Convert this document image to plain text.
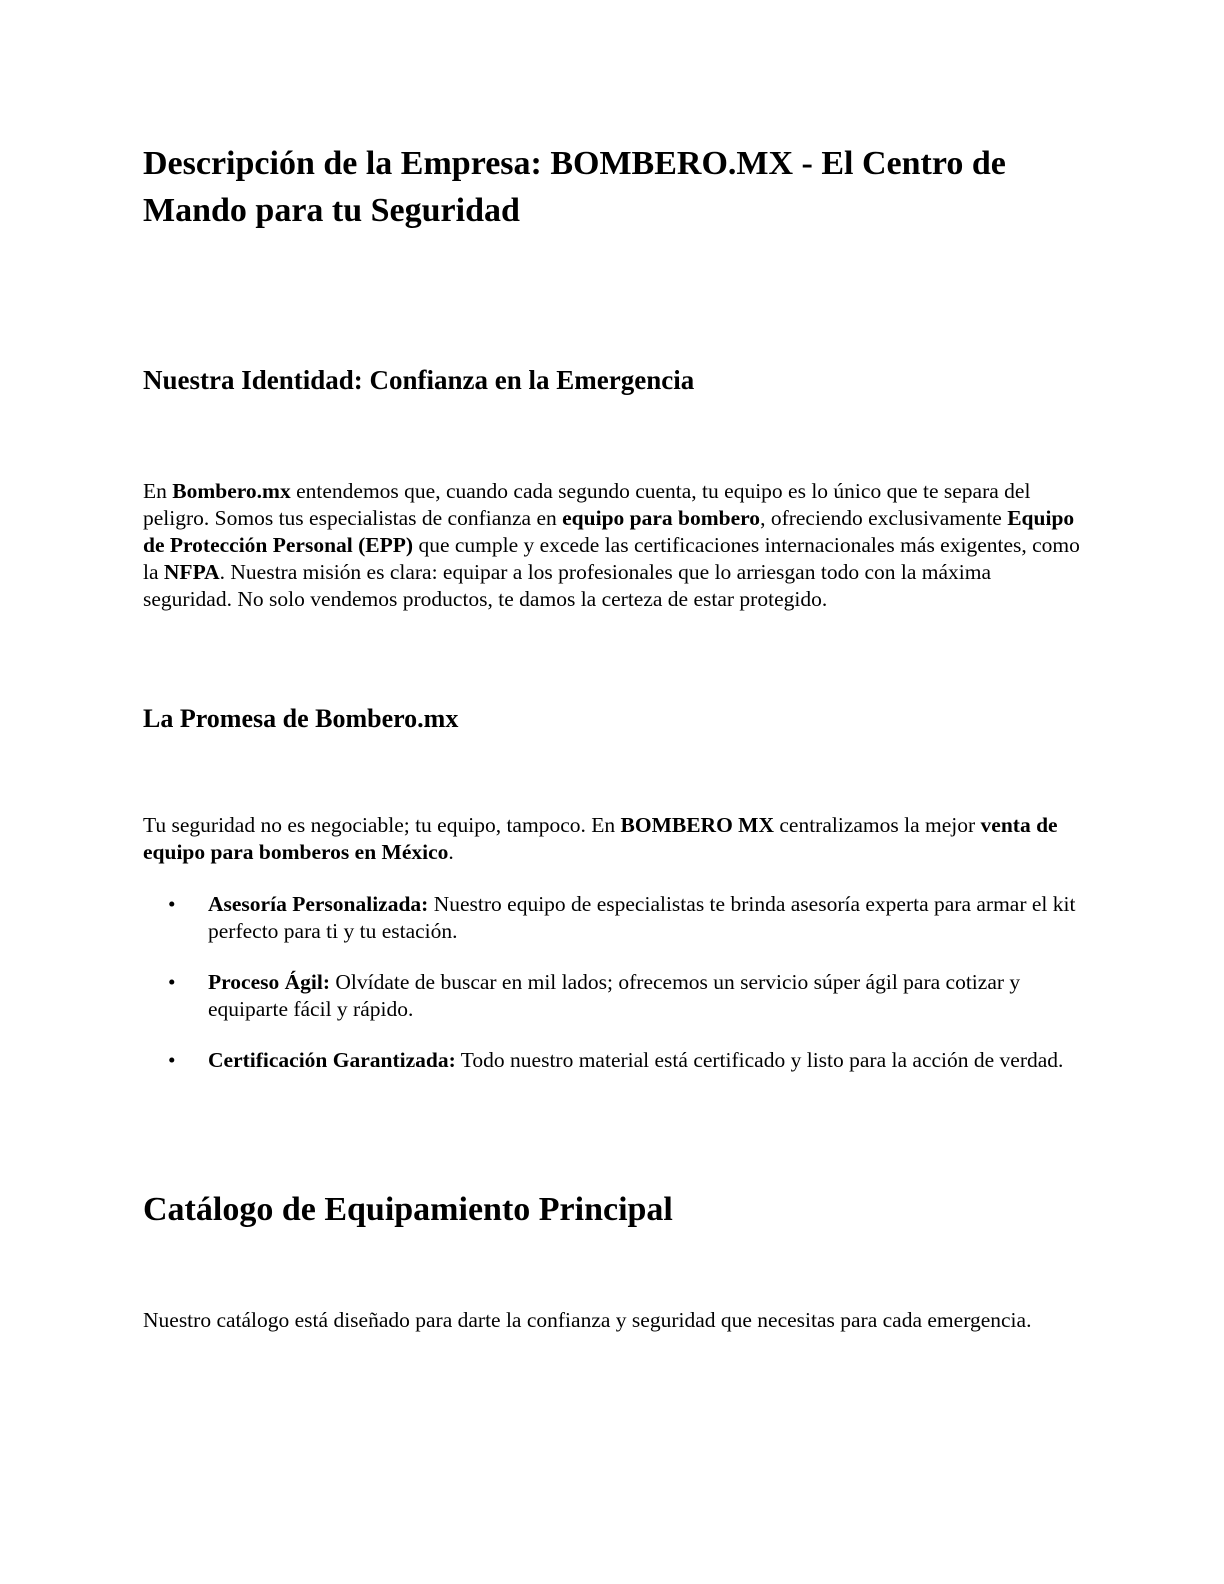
Descripción de la Empresa: BOMBERO.MX - El Centro de Mando para tu Seguridad
Nuestra Identidad: Confianza en la Emergencia

En Bombero.mx entendemos que, cuando cada segundo cuenta, tu equipo es lo único que te separa del peligro. Somos tus especialistas de confianza en equipo para bombero, ofreciendo exclusivamente Equipo de Protección Personal (EPP) que cumple y excede las certificaciones internacionales más exigentes, como la NFPA. Nuestra misión es clara: equipar a los profesionales que lo arriesgan todo con la máxima seguridad. No solo vendemos productos, te damos la certeza de estar protegido.

La Promesa de Bombero.mx

Tu seguridad no es negociable; tu equipo, tampoco. En BOMBERO MX centralizamos la mejor venta de equipo para bomberos en México.

• Asesoría Personalizada: Nuestro equipo de especialistas te brinda asesoría experta para armar el kit perfecto para ti y tu estación.
• Proceso Ágil: Olvídate de buscar en mil lados; ofrecemos un servicio súper ágil para cotizar y equiparte fácil y rápido.
• Certificación Garantizada: Todo nuestro material está certificado y listo para la acción de verdad.
Catálogo de Equipamiento Principal

Nuestro catálogo está diseñado para darte la confianza y seguridad que necesitas para cada emergencia.
